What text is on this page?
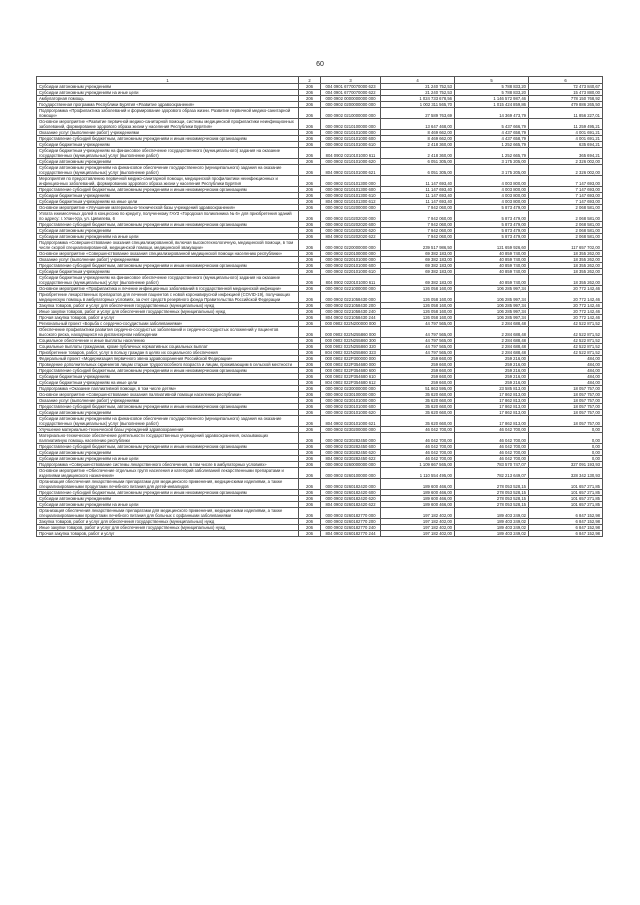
60
1	2	3	4	5	6
Субсидии автономным учреждениям	206	004 0901 6770070000 623	21 240 752,53	5 788 833,20	72 473 840,67
Субсидии автономным учреждениям на иные цели	206	004 0901 6770070000 622	21 240 752,53	5 788 833,20	15 473 880,00
Амбулаторная помощь	206	000 0902 0000000000 000	1 024 733 678,56	1 146 572 987,46	778 150 768,92
Государственная программа Республики Бурятия «Развитие здравоохранения»	206	000 0902 0200000000 000	1 002 311 565,70	1 015 424 859,86	479 886 265,50
Подпрограмма «Профилактика заболеваний и формирование здорового образа жизни. Развитие первичной медико-санитарной помощи»	206	000 0902 0210000000 000	27 589 763,69	14 369 473,79	11 856 227,01
Основное мероприятие «Развитие первичной медико-санитарной помощи, системы медицинской профилактики неинфекционных заболеваний, формирование здорового образа жизни у населения Республики Бурятия»	206	000 0902 0210100000 000	13 647 468,00	5 437 666,79	11 259 495,21
Оказание услуг (выполнение работ) учреждениями	206	000 0902 0210101000 000	8 469 662,00	4 437 658,79	4 001 691,21
Предоставление субсидий бюджетным, автономным учреждениям и иным некоммерческим организациям	206	000 0902 0210101000 600	8 469 662,00	4 437 658,79	4 001 691,21
Субсидии бюджетным учреждениям	206	000 0902 0210101000 610	2 418 360,00	1 252 665,79	635 694,21
Субсидии бюджетным учреждениям на финансовое обеспечение государственного (муниципального) задания на оказание государственных (муниципальных) услуг (выполнение работ)	206	804 0902 0210101000 611	2 418 360,00	1 252 665,79	365 694,21
Субсидии автономным учреждениям	206	000 0902 0210101000 620	6 051 305,00	3 175 205,00	2 326 002,00
Субсидии автономным учреждениям на финансовое обеспечение государственного (муниципального) задания на оказание государственных (муниципальных) услуг (выполнение работ)	206	804 0902 0210101000 621	6 051 305,00	3 175 205,00	2 326 002,00
Мероприятия по предоставлению первичной медико-санитарной помощи, медицинской профилактики неинфекционных и инфекционных заболеваний, формированию здорового образа жизни у населения Республики Бурятия	206	000 0902 0210101300 000	11 147 693,40	4 003 800,00	7 147 693,00
Предоставление субсидий бюджетным, автономным учреждениям и иным некоммерческим организациям	206	000 0902 0210101300 600	11 147 693,40	4 003 800,00	7 147 693,00
Субсидии бюджетным учреждениям	206	000 0902 0210101300 610	11 147 693,40	4 003 800,00	7 147 693,00
Субсидии бюджетным учреждениям на иные цели	206	804 0902 0210101300 612	11 147 693,40	4 003 800,00	7 147 693,00
Основное мероприятие «Улучшение материально-технической базы учреждений здравоохранения»	206	000 0902 0210200000 000	7 942 060,00	5 873 479,00	2 068 581,00
Уплата ежемесячных долей в концессию по кредиту, полученному ГАУЗ «Городская поликлиника № 6» для приобретения зданий по адресу: г. Улан-Удэ, ул. Цивилева, 6	206	000 0902 0210202020 000	7 942 060,00	5 873 479,00	2 068 581,00
Предоставление субсидий бюджетным, автономным учреждениям и иным некоммерческим организациям	206	000 0902 0210202020 600	7 942 060,00	5 873 479,00	2 068 581,00
Субсидии автономным учреждениям	206	000 0902 0210202020 620	7 942 060,00	5 873 479,00	2 068 581,00
Субсидии автономным учреждениям на иные цели	206	804 0902 0210202020 622	7 942 060,00	5 873 479,00	2 068 581,00
Подпрограмма «Совершенствование оказания специализированной, включая высокотехнологичную, медицинской помощи, в том числе скорой специализированной, медицинской помощи, медицинской эвакуации»	206	000 0902 0220000000 000	239 517 986,50	121 659 926,60	117 657 702,00
Основное мероприятие «Совершенствование оказания специализированной медицинской помощи населению республики»	206	000 0902 0220100000 000	69 382 183,00	40 859 740,00	18 355 262,00
Оказание услуг (выполнение работ) учреждениями	206	000 0902 0220101000 000	69 382 183,00	40 859 740,00	18 355 262,00
Предоставление субсидий бюджетным, автономным учреждениям и иным некоммерческим организациям	206	000 0902 0220101000 600	69 382 183,00	40 859 740,00	18 355 262,00
Субсидии бюджетным учреждениям	206	000 0902 0220101000 610	69 382 183,00	40 859 740,00	18 355 262,00
Субсидии бюджетным учреждениям на финансовое обеспечение государственного (муниципального) задания на оказание государственных (муниципальных) услуг (выполнение работ)	206	804 0902 0220101000 611	69 382 183,00	40 859 740,00	18 355 262,00
Основное мероприятие «Профилактика и лечение инфекционных заболеваний в государственной медицинской инфекции»	206	000 0902 0221000000 000	126 058 160,00	106 285 997,34	20 772 142,46
Приобретение лекарственных препаратов для лечения пациентов с новой коронавирусной инфекцией (COVID-19), получающих медицинскую помощь в амбулаторных условиях, за счет средств резервного фонда Правительства Российской Федерации	206	000 0902 0221058430 000	126 058 160,00	106 285 997,34	20 772 142,46
Закупка товаров, работ и услуг для обеспечения государственных (муниципальных) нужд	206	000 0902 0221058430 200	126 058 160,00	106 285 997,34	20 772 142,46
Иные закупки товаров, работ и услуг для обеспечения государственных (муниципальных) нужд	206	000 0902 0221058430 240	126 058 160,00	106 285 997,34	20 772 142,46
Прочая закупка товаров, работ и услуг	206	804 0902 0221058430 244	126 058 160,00	106 285 997,34	20 772 142,46
Региональный проект «Борьба с сердечно-сосудистыми заболеваниями»	206	000 0902 022N200000 000	44 797 565,00	2 284 688,48	42 522 871,52
Обеспечение профилактики развития сердечно-сосудистых заболеваний и сердечно-сосудистых осложнений у пациентов высокого риска, находящихся на диспансерном наблюдении	206	000 0902 022N255860 000	44 797 565,00	2 284 688,48	42 522 871,52
Социальное обеспечение и иные выплаты населению	206	000 0902 022N255860 300	44 797 565,00	2 284 688,48	42 522 871,52
Социальные выплаты гражданам, кроме публичных нормативных социальных выплат	206	000 0902 022N255860 320	44 797 565,00	2 284 688,48	42 522 871,52
Приобретение товаров, работ, услуг в пользу граждан в целях их социального обеспечения	206	804 0902 022N255860 323	44 797 565,00	2 284 688,48	42 522 871,52
Федеральный проект «Модернизация первичного звена здравоохранения Российской Федерации»	206	000 0902 022P300000 000	259 660,00	259 216,00	484,00
Проведение дополнительных скринингов лицам старше трудоспособного возраста и лицам, проживающим в сельской местности	206	000 0902 022P354680 000	259 660,00	259 216,00	484,00
Предоставление субсидий бюджетным, автономным учреждениям и иным некоммерческим организациям	206	000 0902 022P354680 600	259 660,00	259 216,00	484,00
Субсидии бюджетным учреждениям	206	000 0902 022P354680 610	259 660,00	259 216,00	484,00
Субсидии бюджетным учреждениям на иные цели	206	804 0902 022P354680 612	259 660,00	259 216,00	484,00
Подпрограмма «Оказание паллиативной помощи, в том числе детям»	206	000 0902 0230000000 000	51 863 595,00	23 585 813,00	18 057 757,00
Основное мероприятие «Совершенствование оказания паллиативной помощи населению республики»	206	000 0902 0230100000 000	35 620 660,00	17 862 813,00	18 057 757,00
Оказание услуг (выполнение работ) учреждениями	206	000 0902 0230101000 000	35 620 660,00	17 862 813,00	18 057 757,00
Предоставление субсидий бюджетным, автономным учреждениям и иным некоммерческим организациям	206	000 0902 0230101000 600	35 620 660,00	17 862 813,00	18 057 757,00
Субсидии автономным учреждениям	206	000 0902 0230101000 620	35 620 660,00	17 862 813,00	18 057 757,00
Субсидии автономным учреждениям на финансовое обеспечение государственного (муниципального) задания на оказание государственных (муниципальных) услуг (выполнение работ)	206	804 0902 0230101000 621	35 620 660,00	17 862 813,00	18 057 757,00
Улучшение материально-технической базы учреждений здравоохранения	206	000 0902 0230200000 000	46 042 700,00	46 042 700,00	0,00
Материально-техническое обеспечение деятельности государственных учреждений здравоохранения, оказывающих паллиативную помощь населению республики	206	000 0902 0230282450 000	46 042 700,00	46 042 700,00	0,00
Предоставление субсидий бюджетным, автономным учреждениям и иным некоммерческим организациям	206	000 0902 0230282450 600	46 042 700,00	46 042 700,00	0,00
Субсидии автономным учреждениям	206	000 0902 0230282450 620	46 042 700,00	46 042 700,00	0,00
Субсидии автономным учреждениям на иные цели	206	804 0902 0230282450 622	46 042 700,00	46 042 700,00	0,00
Подпрограмма «Совершенствование системы лекарственного обеспечения, в том числе в амбулаторных условиях»	206	000 0902 0260000000 000	1 109 667 565,00	783 570 747,07	327 091 193,93
Основное мероприятие «Обеспечение отдельных групп населения и категорий заболеваний лекарственными препаратами и изделиями медицинского назначения»	206	000 0902 0260100000 000	1 110 554 495,00	782 213 649,07	328 342 130,93
Организация обеспечения лекарственными препаратами для медицинского применения, медицинскими изделиями, а также специализированными продуктами лечебного питания для детей-инвалидов	206	000 0902 0260182420 000	189 600 466,00	278 053 528,15	101 657 271,85
Предоставление субсидий бюджетным, автономным учреждениям и иным некоммерческим организациям	206	000 0902 0260182420 600	189 600 466,00	278 053 528,15	101 657 271,85
Субсидии автономным учреждениям	206	000 0902 0260182420 620	189 600 466,00	278 053 528,15	101 657 271,85
Субсидии автономным учреждениям на иные цели	206	804 0902 0260182420 622	189 600 466,00	278 053 528,15	101 657 271,85
Организация обеспечения лекарственными препаратами для медицинского применения, медицинскими изделиями, а также специализированными продуктами лечебного питания для больных с орфанными заболеваниями	206	000 0902 0260182770 000	197 182 402,00	189 403 249,02	6 847 152,98
Закупка товаров, работ и услуг для обеспечения государственных (муниципальных) нужд	206	000 0902 0260182770 200	197 182 402,00	189 403 249,02	6 847 152,98
Иные закупки товаров, работ и услуг для обеспечения государственных (муниципальных) нужд	206	000 0902 0260182770 240	197 182 402,00	189 403 249,02	6 847 152,98
Прочая закупка товаров, работ и услуг	206	804 0902 0260182770 244	197 182 402,00	189 403 249,02	6 847 152,98
